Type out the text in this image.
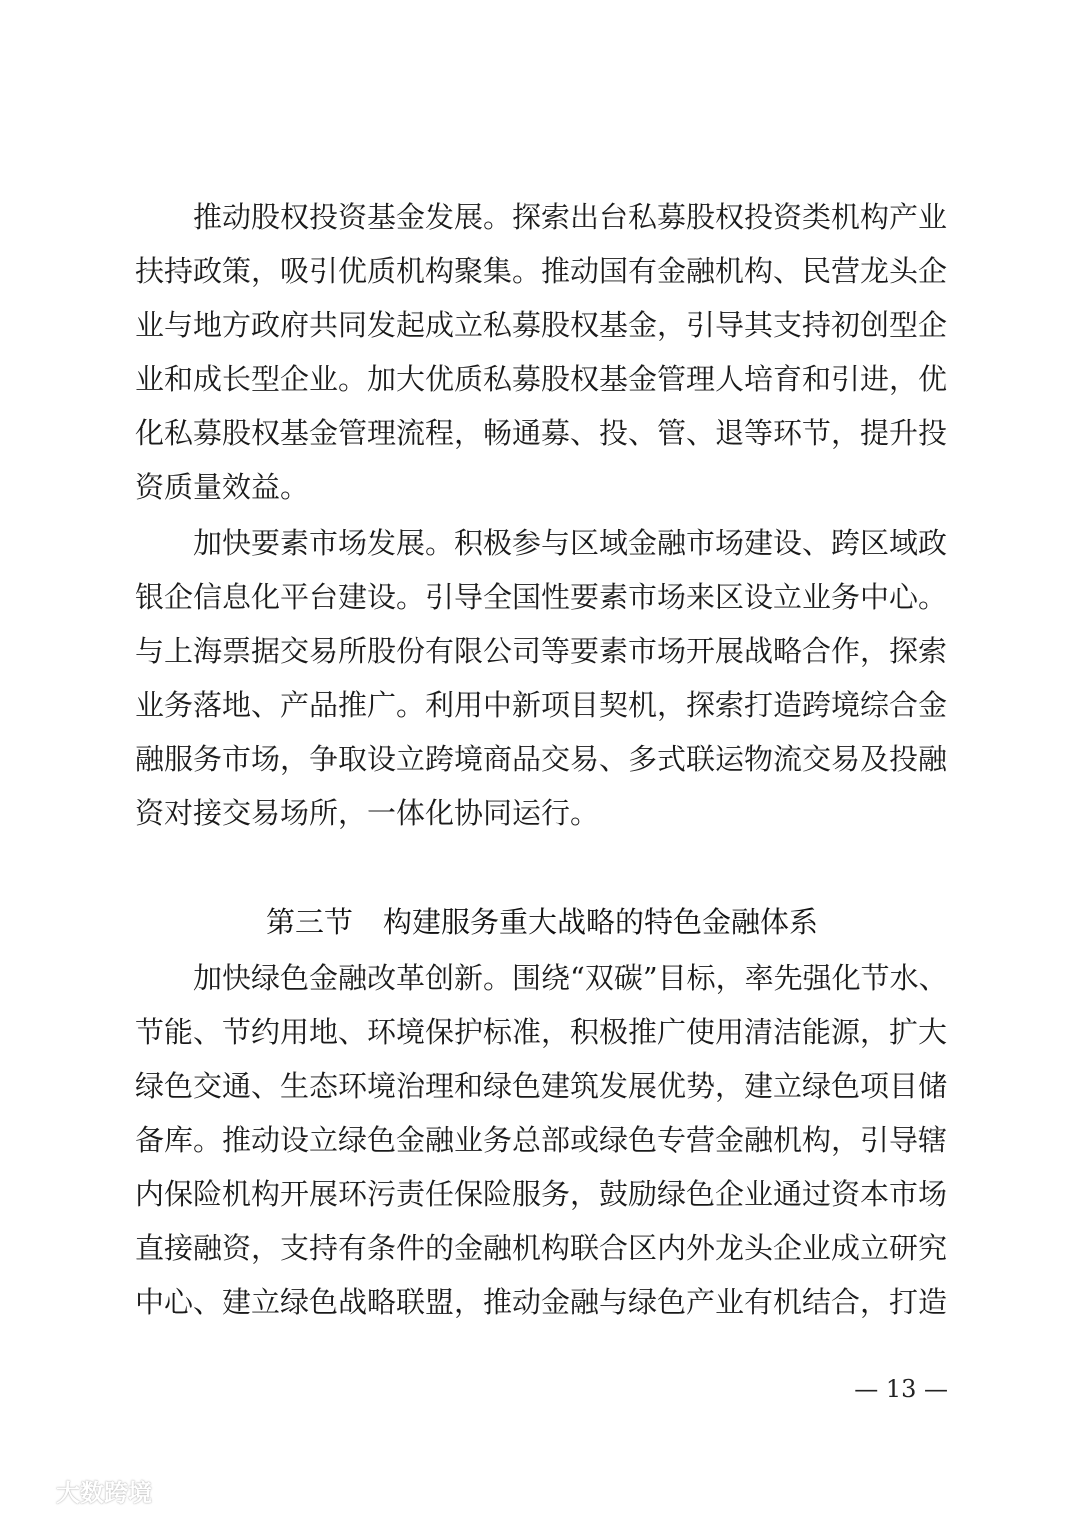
推动股权投资基金发展。探索出台私募股权投资类机构产业
扶持政策，吸引优质机构聚集。推动国有金融机构、民营龙头企
业与地方政府共同发起成立私募股权基金，引导其支持初创型企
业和成长型企业。加大优质私募股权基金管理人培育和引进，优
化私募股权基金管理流程，畅通募、投、管、退等环节，提升投
资质量效益。
加快要素市场发展。积极参与区域金融市场建设、跨区域政
银企信息化平台建设。引导全国性要素市场来区设立业务中心。
与上海票据交易所股份有限公司等要素市场开展战略合作，探索
业务落地、产品推广。利用中新项目契机，探索打造跨境综合金
融服务市场，争取设立跨境商品交易、多式联运物流交易及投融
资对接交易场所，一体化协同运行。
第三节 构建服务重大战略的特色金融体系
加快绿色金融改革创新。围绕“双碳”目标，率先强化节水、
节能、节约用地、环境保护标准，积极推广使用清洁能源，扩大
绿色交通、生态环境治理和绿色建筑发展优势，建立绿色项目储
备库。推动设立绿色金融业务总部或绿色专营金融机构，引导辖
内保险机构开展环污责任保险服务，鼓励绿色企业通过资本市场
直接融资，支持有条件的金融机构联合区内外龙头企业成立研究
中心、建立绿色战略联盟，推动金融与绿色产业有机结合，打造
— 13 —
大数跨境
